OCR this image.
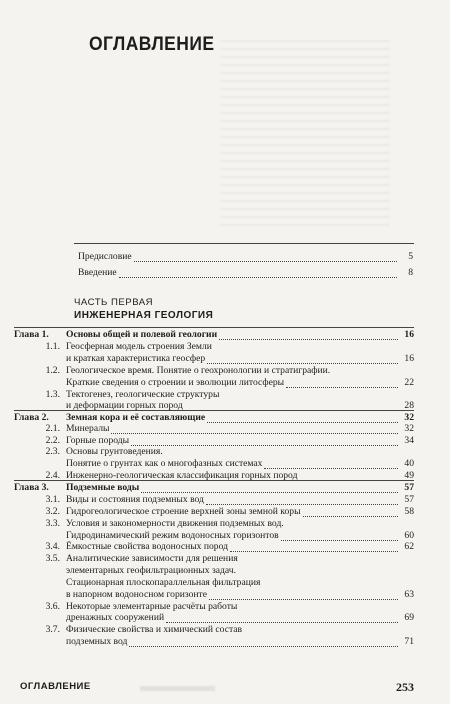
ОГЛАВЛЕНИЕ
Предисловие	5
Введение	8
Глава 1.	Основы общей и полевой геологии	16
1.1. Геосферная модель строения Земли
и краткая характеристика геосфер	16
1.2. Геологическое время. Понятие о геохронологии и стратиграфии.
Краткие сведения о строении и эволюции литосферы	22
1.3. Тектогенез, геологические структуры
и деформации горных пород	28
Глава 2.	Земная кора и её составляющие	32
2.1. Минералы	32
2.2. Горные породы	34
2.3. Основы грунтоведения.
Понятие о грунтах как о многофазных системах	40
2.4. Инженерно-геологическая классификация горных пород	49
Глава 3.	Подземные воды	57
3.1. Виды и состояния подземных вод	57
3.2. Гидрогеологическое строение верхней зоны земной коры	58
3.3. Условия и закономерности движения подземных вод.
Гидродинамический режим водоносных горизонтов	60
3.4. Ёмкостные свойства водоносных пород	62
3.5. Аналитические зависимости для решения
элементарных геофильтрационных задач.
Стационарная плоскопараллельная фильтрация
в напорном водоносном горизонте	63
3.6. Некоторые элементарные расчёты работы
дренажных сооружений	69
3.7. Физические свойства и химический состав
подземных вод	71
ЧАСТЬ ПЕРВАЯ
ИНЖЕНЕРНАЯ ГЕОЛОГИЯ
ОГЛАВЛЕНИЕ	253
